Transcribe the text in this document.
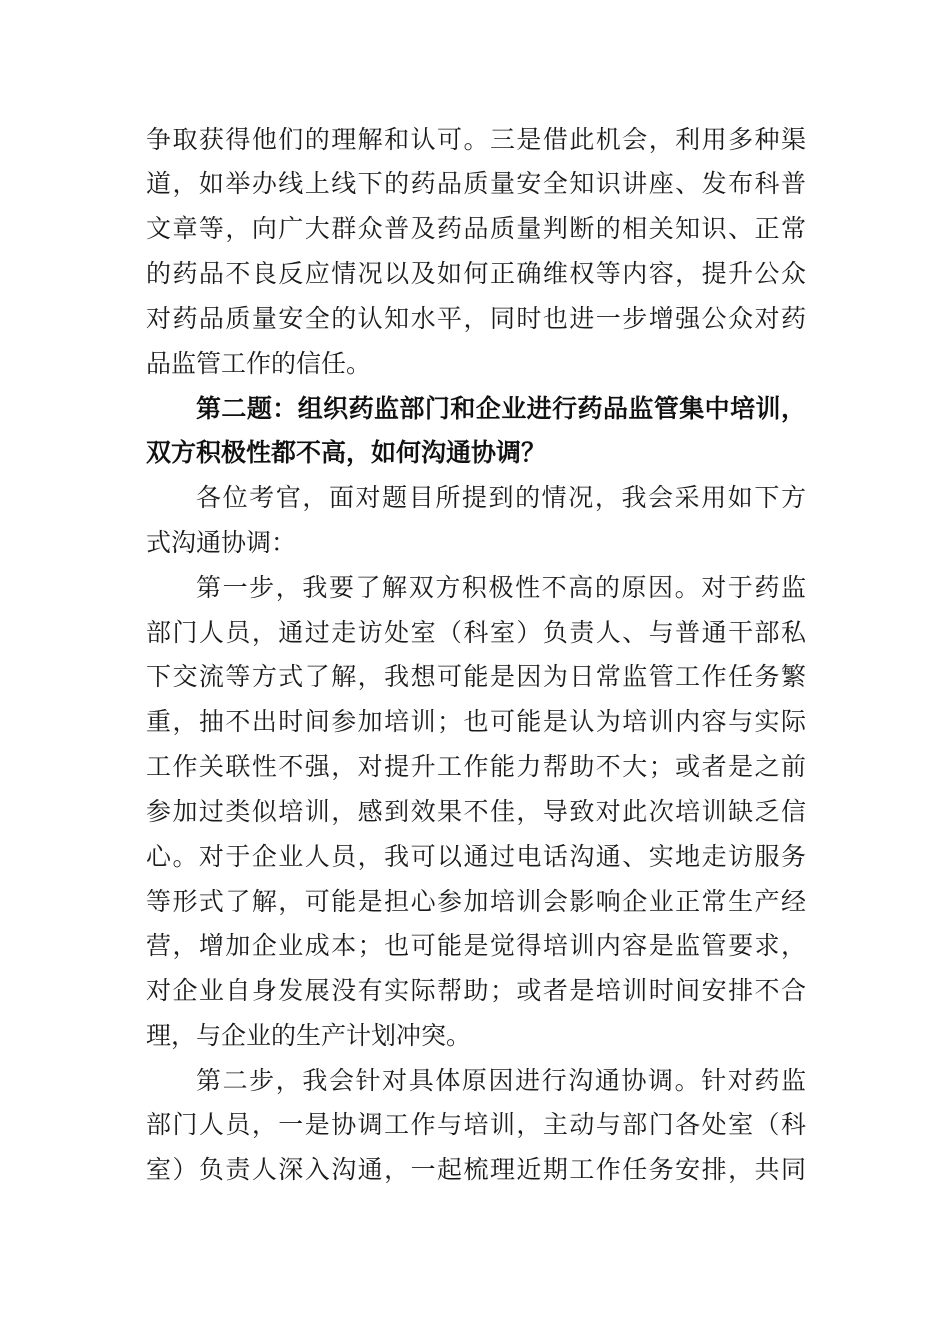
争取获得他们的理解和认可。三是借此机会，利用多种渠

道，如举办线上线下的药品质量安全知识讲座、发布科普

文章等，向广大群众普及药品质量判断的相关知识、正常

的药品不良反应情况以及如何正确维权等内容，提升公众

对药品质量安全的认知水平，同时也进一步增强公众对药

品监管工作的信任。

第二题：组织药监部门和企业进行药品监管集中培训，

双方积极性都不高，如何沟通协调？

各位考官，面对题目所提到的情况，我会采用如下方

式沟通协调：

第一步，我要了解双方积极性不高的原因。对于药监

部门人员，通过走访处室（科室）负责人、与普通干部私

下交流等方式了解，我想可能是因为日常监管工作任务繁

重，抽不出时间参加培训；也可能是认为培训内容与实际

工作关联性不强，对提升工作能力帮助不大；或者是之前

参加过类似培训，感到效果不佳，导致对此次培训缺乏信

心。对于企业人员，我可以通过电话沟通、实地走访服务

等形式了解，可能是担心参加培训会影响企业正常生产经

营，增加企业成本；也可能是觉得培训内容是监管要求，

对企业自身发展没有实际帮助；或者是培训时间安排不合

理，与企业的生产计划冲突。

第二步，我会针对具体原因进行沟通协调。针对药监

部门人员，一是协调工作与培训，主动与部门各处室（科

室）负责人深入沟通，一起梳理近期工作任务安排，共同
